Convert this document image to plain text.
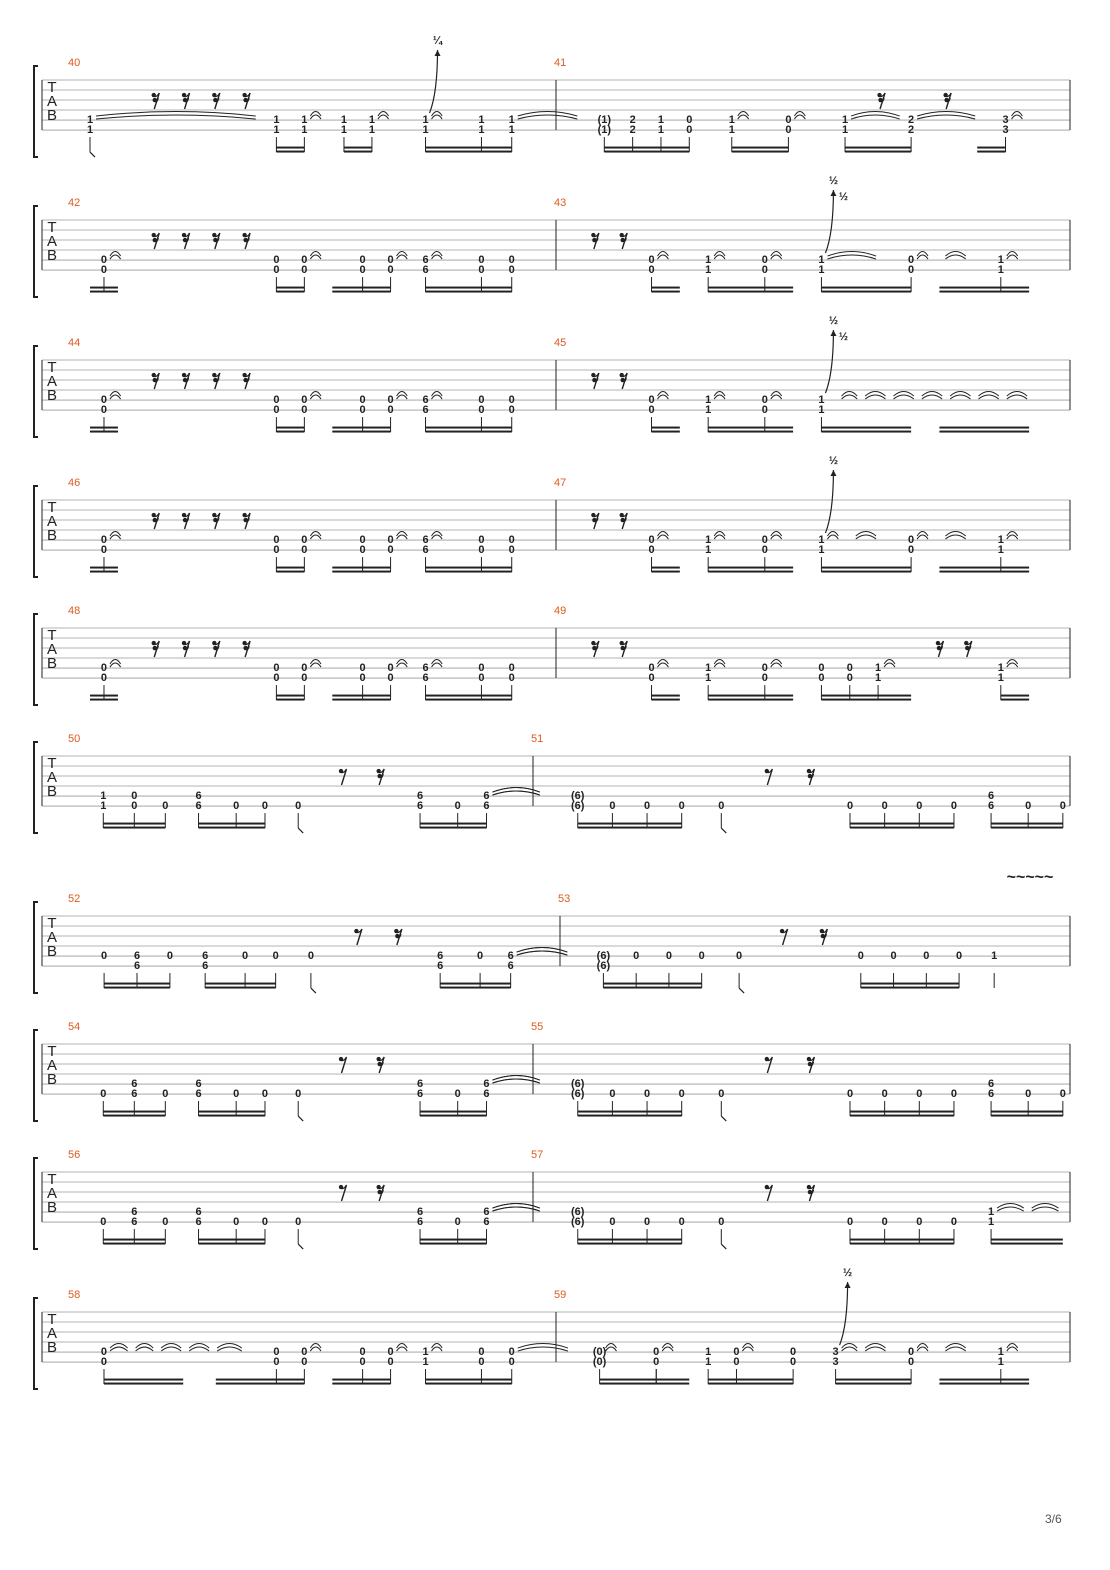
T
A
B
40
1
1
1
1
1
1
1
1
1
1
1
1
¼
1
1
1
1
41
(1)
(1)
2
2
1
1
0
0
1
1
0
0
1
1
2
2
3
3
T
A
B
42
0
0
0
0
0
0
0
0
0
0
6
6
0
0
0
0
43
0
0
1
1
0
0
1
1
½
½
0
0
1
1
T
A
B
44
0
0
0
0
0
0
0
0
0
0
6
6
0
0
0
0
45
0
0
1
1
0
0
1
1
½
½
T
A
B
46
0
0
0
0
0
0
0
0
0
0
6
6
0
0
0
0
47
0
0
1
1
0
0
1
1
½
0
0
1
1
T
A
B
48
0
0
0
0
0
0
0
0
0
0
6
6
0
0
0
0
49
0
0
1
1
0
0
0
0
0
0
1
1
1
1
T
A
B
50
1
1
0
0 0
6
6	0 0 0
6
6	0
6
6
51
(6)
(6) 0	0	0	0	0	0	0	0
6
6	0	0
T
A
B
~~~~~
52
0 6
6
0	6
6
0 0	0	6
6
0 6
6
53
(6)
(6)
0 0 0	0	0 0 0 0	1
T
A
B
54
0
6
6 0
6
6	0 0 0
6
6	0
6
6
55
(6)
(6) 0	0	0	0	0	0	0	0
6
6	0	0
T
A
B
56
0
6
6 0
6
6	0 0 0
6
6	0
6
6
57
(6)
(6) 0	0	0	0	0	0	0	0
1
1
T
A
B
58
0
0
0
0
0
0
0
0
0
0
1
1
0
0
0
0
59
(0)
(0)	0
0	1
1
0
0
0
0
3
3
½
0
0
1
1
3/6
